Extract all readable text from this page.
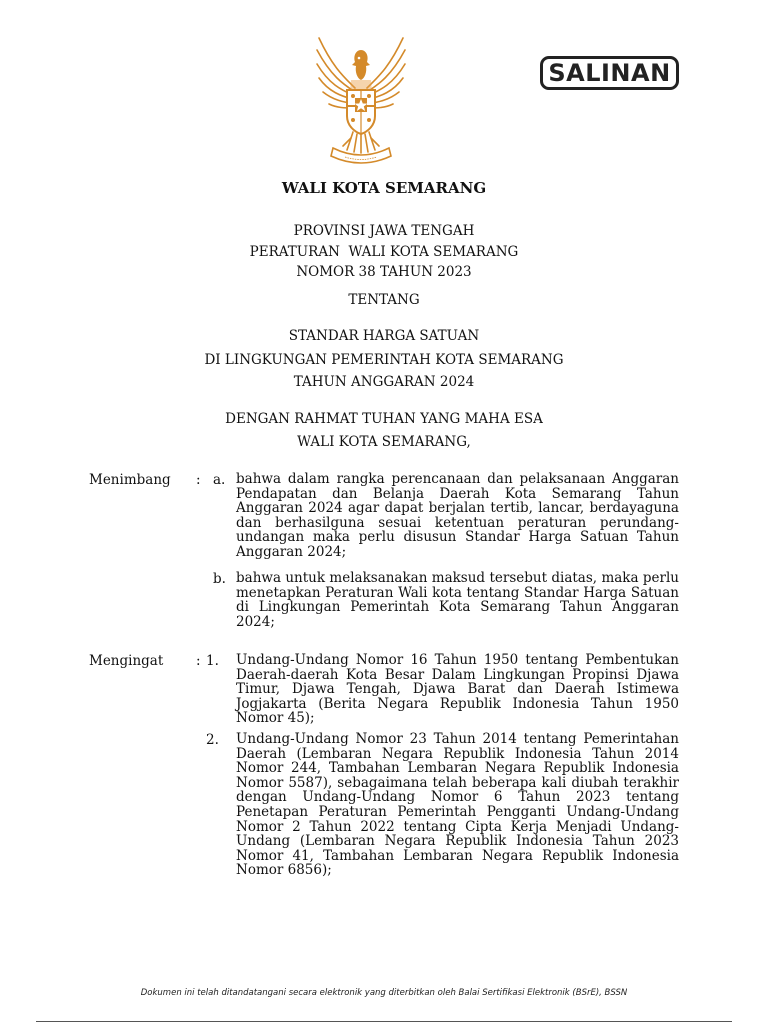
SALINAN
WALI KOTA SEMARANG
PROVINSI JAWA TENGAH
PERATURAN  WALI KOTA SEMARANG
NOMOR 38 TAHUN 2023
TENTANG
STANDAR HARGA SATUAN
DI LINGKUNGAN PEMERINTAH KOTA SEMARANG
TAHUN ANGGARAN 2024
DENGAN RAHMAT TUHAN YANG MAHA ESA
WALI KOTA SEMARANG,
Menimbang : a. bahwa dalam rangka perencanaan dan pelaksanaan Anggaran Pendapatan dan Belanja Daerah Kota Semarang Tahun Anggaran 2024 agar dapat berjalan tertib, lancar, berdayaguna dan berhasilguna sesuai ketentuan peraturan perundang-undangan maka perlu disusun Standar Harga Satuan Tahun Anggaran 2024;
b. bahwa untuk melaksanakan maksud tersebut diatas, maka perlu menetapkan Peraturan Wali kota tentang Standar Harga Satuan di Lingkungan Pemerintah Kota Semarang Tahun Anggaran 2024;
Mengingat : 1. Undang-Undang Nomor 16 Tahun 1950 tentang Pembentukan Daerah-daerah Kota Besar Dalam Lingkungan Propinsi Djawa Timur, Djawa Tengah, Djawa Barat dan Daerah Istimewa Jogjakarta (Berita Negara Republik Indonesia Tahun 1950 Nomor 45);
2. Undang-Undang Nomor 23 Tahun 2014 tentang Pemerintahan Daerah (Lembaran Negara Republik Indonesia Tahun 2014 Nomor 244, Tambahan Lembaran Negara Republik Indonesia Nomor 5587), sebagaimana telah beberapa kali diubah terakhir dengan Undang-Undang Nomor 6 Tahun 2023 tentang Penetapan Peraturan Pemerintah Pengganti Undang-Undang Nomor 2 Tahun 2022 tentang Cipta Kerja Menjadi Undang-Undang (Lembaran Negara Republik Indonesia Tahun 2023 Nomor 41, Tambahan Lembaran Negara Republik Indonesia Nomor 6856);
Dokumen ini telah ditandatangani secara elektronik yang diterbitkan oleh Balai Sertifikasi Elektronik (BSrE), BSSN
